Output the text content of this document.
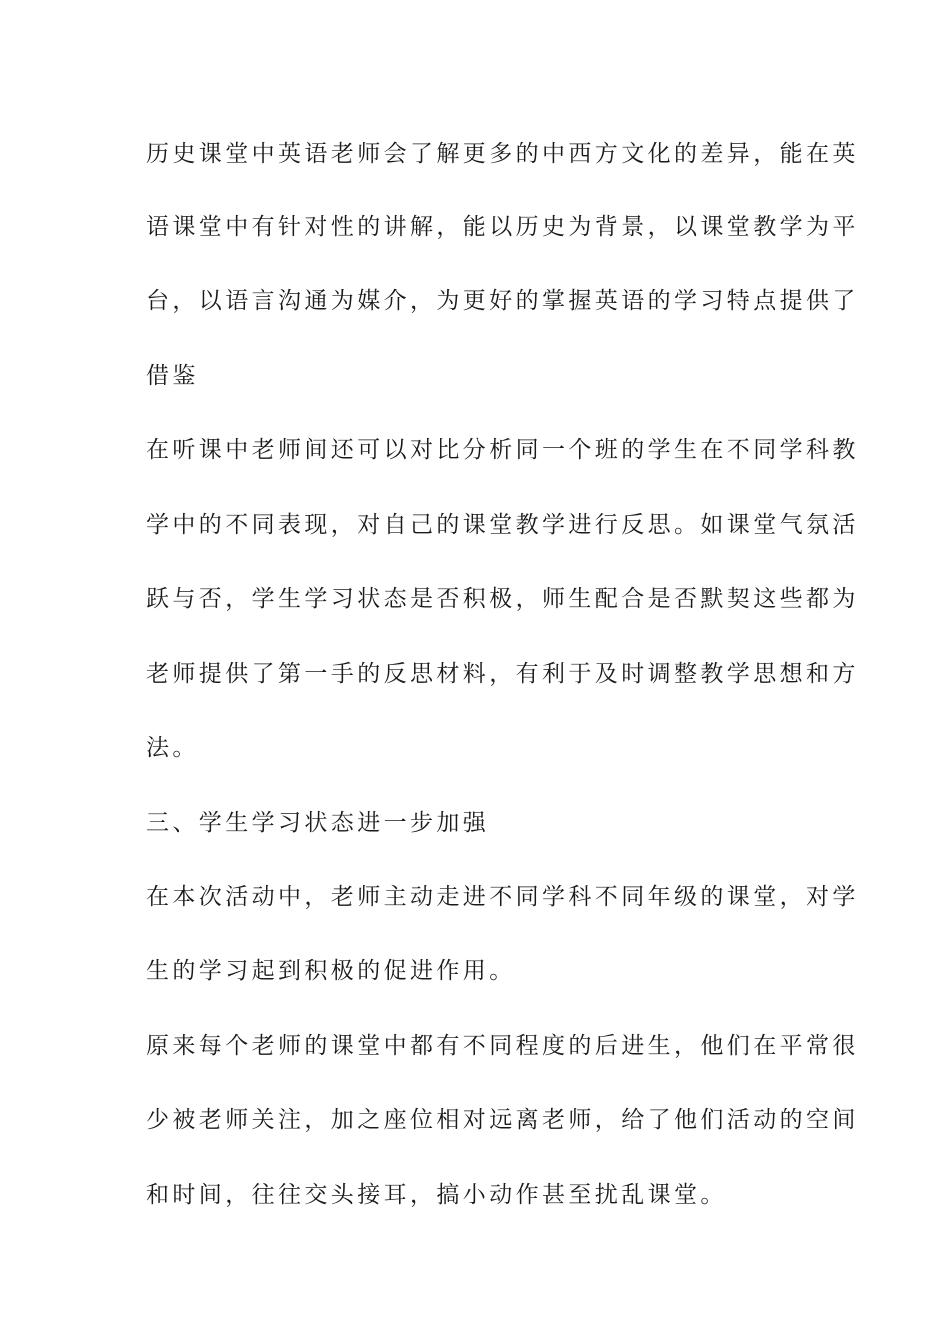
历史课堂中英语老师会了解更多的中西方文化的差异，能在英
语课堂中有针对性的讲解，能以历史为背景，以课堂教学为平
台，以语言沟通为媒介，为更好的掌握英语的学习特点提供了
借鉴
在听课中老师间还可以对比分析同一个班的学生在不同学科教
学中的不同表现，对自己的课堂教学进行反思。如课堂气氛活
跃与否，学生学习状态是否积极，师生配合是否默契这些都为
老师提供了第一手的反思材料，有利于及时调整教学思想和方
法。
三、学生学习状态进一步加强
在本次活动中，老师主动走进不同学科不同年级的课堂，对学
生的学习起到积极的促进作用。
原来每个老师的课堂中都有不同程度的后进生，他们在平常很
少被老师关注，加之座位相对远离老师，给了他们活动的空间
和时间，往往交头接耳，搞小动作甚至扰乱课堂。
